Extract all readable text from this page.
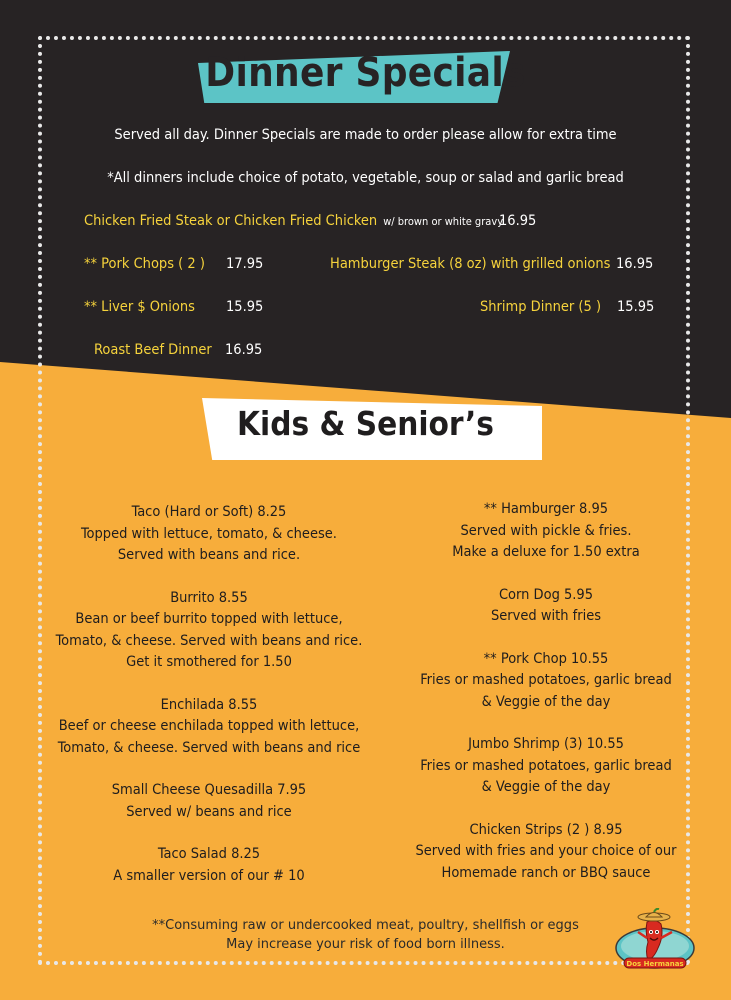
Dinner Specials
Served all day. Dinner Specials are made to order please allow for extra time
*All dinners include choice of potato, vegetable, soup or salad and garlic bread
Chicken Fried Steak or Chicken Fried Chicken w/ brown or white gravy
16.95
** Pork Chops ( 2 ) 17.95	Hamburger Steak (8 oz) with grilled onions 16.95
** Liver $ Onions 15.95	Shrimp Dinner (5 ) 15.95
Roast Beef Dinner 16.95
Kids & Senior’s
Taco (Hard or Soft) 8.25
Topped with lettuce, tomato, & cheese.
Served with beans and rice.
Burrito 8.55
Bean or beef burrito topped with lettuce,
Tomato, & cheese. Served with beans and rice.
Get it smothered for 1.50
Enchilada 8.55
Beef or cheese enchilada topped with lettuce,
Tomato, & cheese. Served with beans and rice
Small Cheese Quesadilla 7.95
Served w/ beans and rice
Taco Salad 8.25
A smaller version of our # 10
** Hamburger 8.95
Served with pickle & fries.
Make a deluxe for 1.50 extra
Corn Dog 5.95
Served with fries
** Pork Chop 10.55
Fries or mashed potatoes, garlic bread
& Veggie of the day
Jumbo Shrimp (3) 10.55
Fries or mashed potatoes, garlic bread
& Veggie of the day
Chicken Strips (2 ) 8.95
Served with fries and your choice of our
Homemade ranch or BBQ sauce
**Consuming raw or undercooked meat, poultry, shellfish or eggs
May increase your risk of food born illness.
Dos Hermanas
